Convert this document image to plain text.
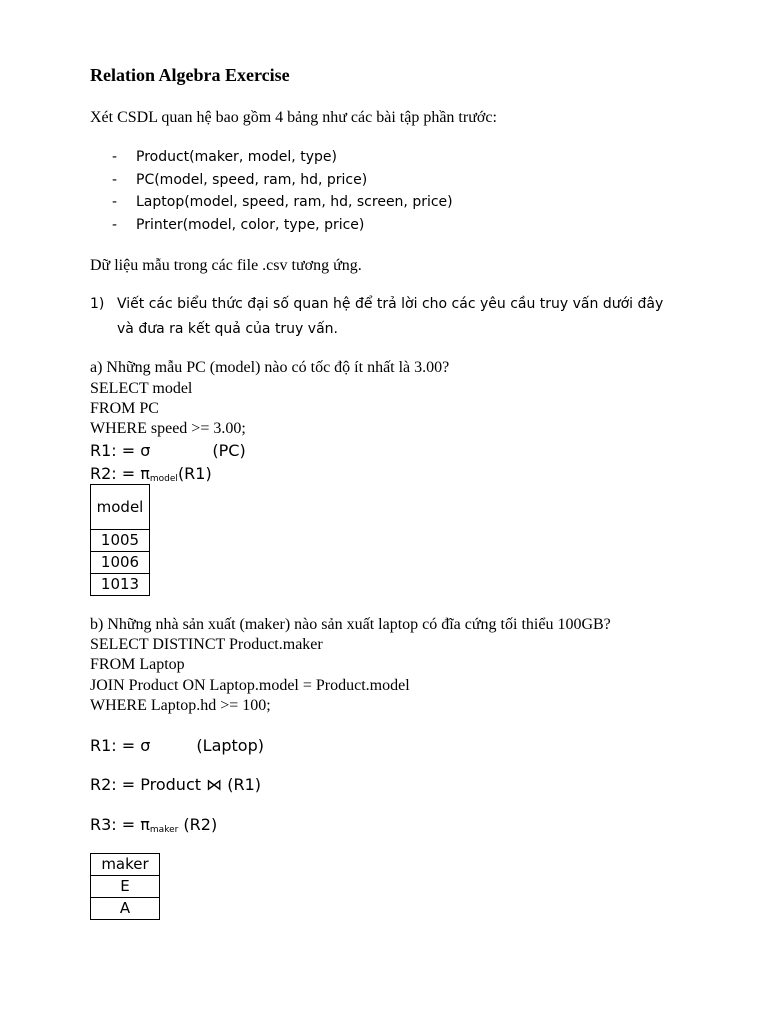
Relation Algebra Exercise
Xét CSDL quan hệ bao gồm 4 bảng như các bài tập phần trước:
-	Product(maker, model, type)
-	PC(model, speed, ram, hd, price)
-	Laptop(model, speed, ram, hd, screen, price)
-	Printer(model, color, type, price)
Dữ liệu mẫu trong các file .csv tương ứng.
1) Viết các biểu thức đại số quan hệ để trả lời cho các yêu cầu truy vấn dưới đây và đưa ra kết quả của truy vấn.
a) Những mẫu PC (model) nào có tốc độ ít nhất là 3.00?
SELECT model
FROM PC
WHERE speed >= 3.00;
R1: = σ	(PC)
R2: = $\pi_{model}(R1)$
model
1005
1006
1013
b) Những nhà sản xuất (maker) nào sản xuất laptop có đĩa cứng tối thiểu 100GB?
SELECT DISTINCT Product.maker
FROM Laptop
JOIN Product ON Laptop.model = Product.model
WHERE Laptop.hd >= 100;
R1: = σ	(Laptop)
R2: = Product ⋈ (R1)
R3: = $\pi_{maker}$ (R2)
maker
E
A
